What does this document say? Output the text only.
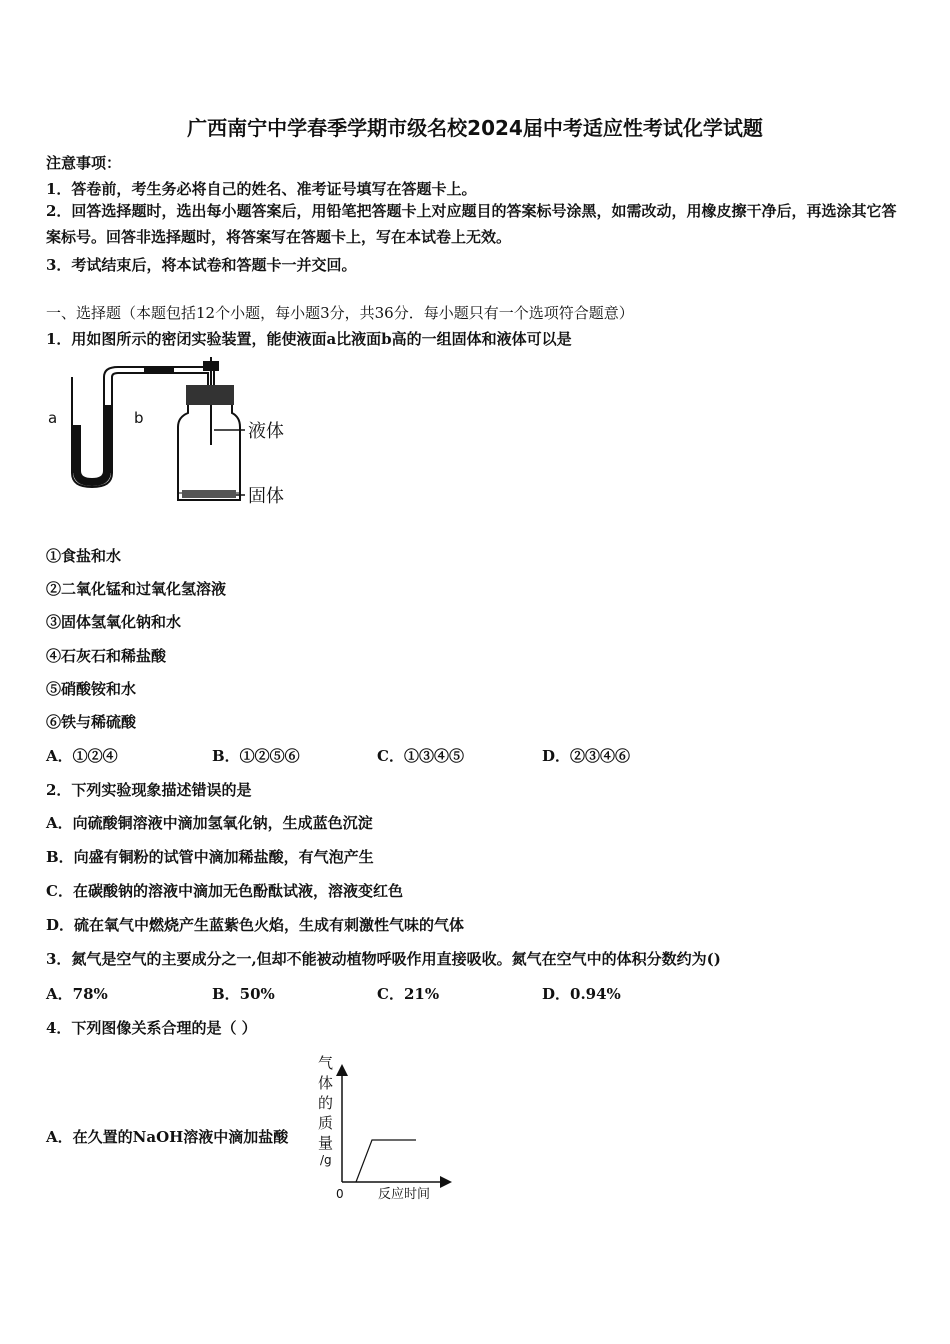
广西南宁中学春季学期市级名校2024届中考适应性考试化学试题
注意事项：
1．答卷前，考生务必将自己的姓名、准考证号填写在答题卡上。
2．回答选择题时，选出每小题答案后，用铅笔把答题卡上对应题目的答案标号涂黑，如需改动，用橡皮擦干净后，再选涂其它答案标号。回答非选择题时，将答案写在答题卡上，写在本试卷上无效。
3．考试结束后，将本试卷和答题卡一并交回。
一、选择题（本题包括12个小题，每小题3分，共36分．每小题只有一个选项符合题意）
1．用如图所示的密闭实验装置，能使液面a比液面b高的一组固体和液体可以是
a	b
液体
固体
①食盐和水
②二氧化锰和过氧化氢溶液
③固体氢氧化钠和水
④石灰石和稀盐酸
⑤硝酸铵和水
⑥铁与稀硫酸
A．①②④	B．①②⑤⑥	C．①③④⑤	D．②③④⑥
2．下列实验现象描述错误的是
A．向硫酸铜溶液中滴加氢氧化钠，生成蓝色沉淀
B．向盛有铜粉的试管中滴加稀盐酸，有气泡产生
C．在碳酸钠的溶液中滴加无色酚酞试液，溶液变红色
D．硫在氧气中燃烧产生蓝紫色火焰，生成有刺激性气味的气体
3．氮气是空气的主要成分之一,但却不能被动植物呼吸作用直接吸收。氮气在空气中的体积分数约为()
A．78%	B．50%	C．21%	D．0.94%
4．下列图像关系合理的是（ ）
A．在久置的NaOH溶液中滴加盐酸
气
体
的
质
量
/g
0	反应时间
